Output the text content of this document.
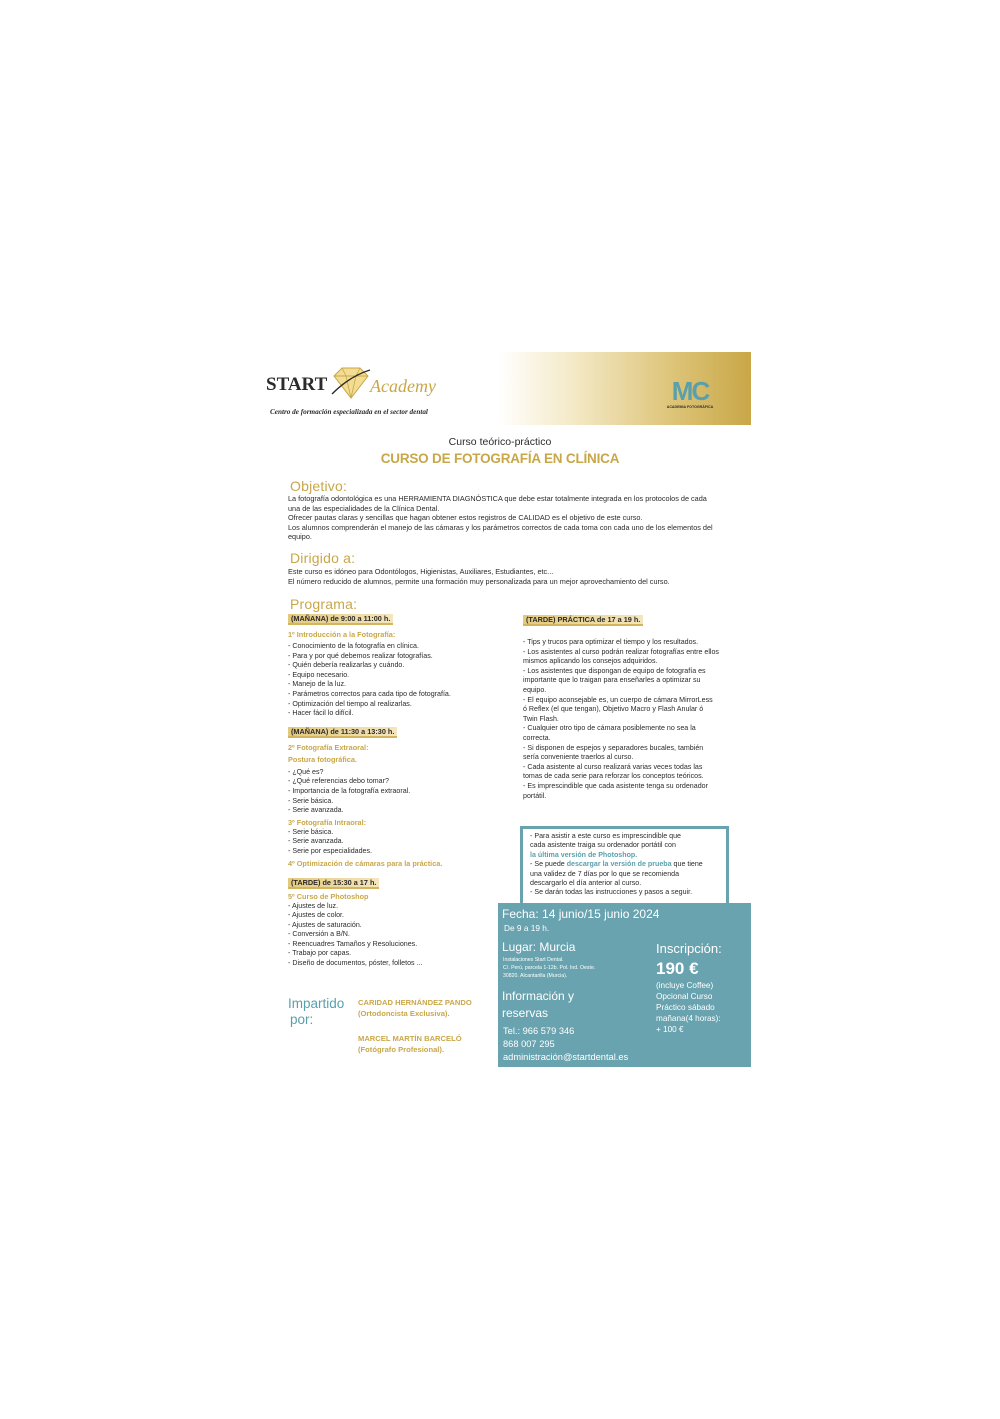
START Academy
Centro de formación especializada en el sector dental
MC
ACADEMIA FOTOGRÁFICA
Curso teórico-práctico
CURSO DE FOTOGRAFÍA EN CLÍNICA
Objetivo:
La fotografía odontológica es una HERRAMIENTA DIAGNÓSTICA que debe estar totalmente integrada en los protocolos de cada
una de las especialidades de la Clínica Dental.
Ofrecer pautas claras y sencillas que hagan obtener estos registros de CALIDAD es el objetivo de este curso.
Los alumnos comprenderán el manejo de las cámaras y los parámetros correctos de cada toma con cada uno de los elementos del
equipo.
Dirigido a:
Este curso es idóneo para Odontólogos, Higienistas, Auxiliares, Estudiantes, etc...
El número reducido de alumnos, permite una formación muy personalizada para un mejor aprovechamiento del curso.
Programa:
(MAÑANA) de 9:00 a 11:00 h.
1º Introducción a la Fotografía:
- Conocimiento de la fotografía en clínica.
- Para y por qué debemos realizar fotografías.
- Quién debería realizarlas y cuándo.
- Equipo necesario.
- Manejo de la luz.
- Parámetros correctos para cada tipo de fotografía.
- Optimización del tiempo al realizarlas.
- Hacer fácil lo difícil.
(MAÑANA) de 11:30 a 13:30 h.
2º Fotografía Extraoral:
Postura fotográfica.
- ¿Qué es?
- ¿Qué referencias debo tomar?
- Importancia de la fotografía extraoral.
- Serie básica.
- Serie avanzada.
3º Fotografía Intraoral:
- Serie básica.
- Serie avanzada.
- Serie por especialidades.
4º Optimización de cámaras para la práctica.
(TARDE) de 15:30 a 17 h.
5º Curso de Photoshop
- Ajustes de luz.
- Ajustes de color.
- Ajustes de saturación.
- Conversión a B/N.
- Reencuadres Tamaños y Resoluciones.
- Trabajo por capas.
- Diseño de documentos, póster, folletos ...
(TARDE) PRÁCTICA de 17 a 19 h.
- Tips y trucos para optimizar el tiempo y los resultados.
- Los asistentes al curso podrán realizar fotografías entre ellos
mismos aplicando los consejos adquiridos.
- Los asistentes que dispongan de equipo de fotografía es
importante que lo traigan para enseñarles a optimizar su
equipo.
- El equipo aconsejable es, un cuerpo de cámara MirrorLess
ó Reflex (el que tengan), Objetivo Macro y Flash Anular ó
Twin Flash.
- Cualquier otro tipo de cámara posiblemente no sea la
correcta.
- Si disponen de espejos y separadores bucales, también
sería conveniente traerlos al curso.
- Cada asistente al curso realizará varias veces todas las
tomas de cada serie para reforzar los conceptos teóricos.
- Es imprescindible que cada asistente tenga su ordenador
portátil.
- Para asistir a este curso es imprescindible que
cada asistente traiga su ordenador portátil con
la última versión de Photoshop.
- Se puede descargar la versión de prueba que tiene
una validez de 7 días por lo que se recomienda
descargarlo el día anterior al curso.
- Se darán todas las instrucciones y pasos a seguir.
Fecha: 14 junio/15 junio 2024
De 9 a 19 h.
Lugar: Murcia
Instalaciones Start Dental.
C/. Perú, parcela 1-12b. Pol. Ind. Oeste.
30820. Alcantarilla (Murcia).
Información y
reservas
Tel.: 966 579 346
868 007 295
administración@startdental.es
Inscripción:
190 €
(incluye Coffee)
Opcional Curso
Práctico sábado
mañana(4 horas):
+ 100 €
Impartido
por:
CARIDAD HERNÁNDEZ PANDO
(Ortodoncista Exclusiva).
MARCEL MARTÍN BARCELÓ
(Fotógrafo Profesional).
